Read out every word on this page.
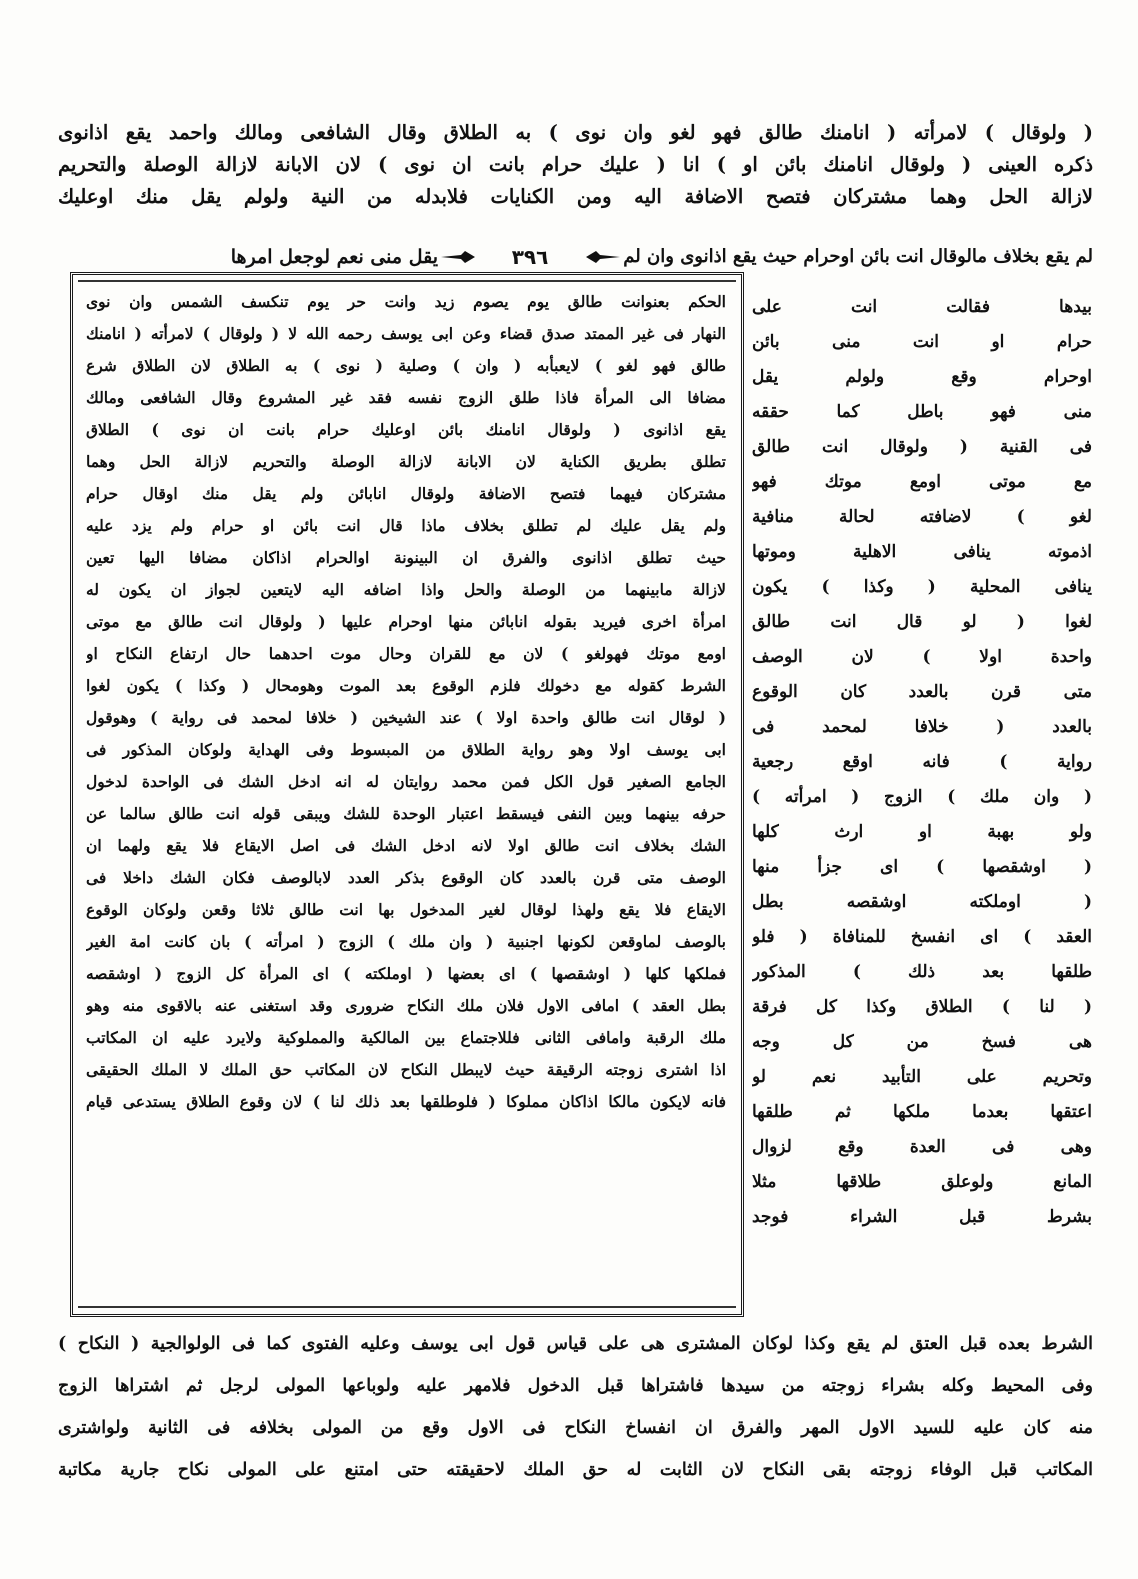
( ولوقال ) لامرأته ( انامنك طالق فهو لغو وان نوى ) به الطلاق وقال الشافعى ومالك واحمد يقع اذانوى
ذكره العينى ( ولوقال انامنك بائن او ) انا ( عليك حرام بانت ان نوى ) لان الابانة لازالة الوصلة والتحريم
لازالة الحل وهما مشتركان فتصح الاضافة اليه ومن الكنايات فلابدله من النية ولولم يقل منك اوعليك
لم يقع بخلاف مالوقال انت بائن اوحرام حيث يقع اذانوى وان لم
٣٩٦
يقل منى نعم لوجعل امرها
بيدها فقالت انت على
حرام او انت منى بائن
اوحرام وقع ولولم يقل
منى فهو باطل كما حققه
فى القنية ( ولوقال انت طالق
مع موتى اومع موتك فهو
لغو ) لاضافته لحالة منافية
اذموته ينافى الاهلية وموتها
ينافى المحلية ( وكذا ) يكون
لغوا ( لو قال انت طالق
واحدة اولا ) لان الوصف
متى قرن بالعدد كان الوقوع
بالعدد ( خلافا لمحمد فى
رواية ) فانه اوقع رجعية
( وان ملك ) الزوج ( امرأته )
ولو بهبة او ارث كلها
( اوشقصها ) اى جزأ منها
( اوملكته اوشقصه بطل
العقد ) اى انفسخ للمنافاة ( فلو
طلقها بعد ذلك ) المذكور
( لنا ) الطلاق وكذا كل فرقة
هى فسخ من كل وجه
وتحريم على التأبيد نعم لو
اعتقها بعدما ملكها ثم طلقها
وهى فى العدة وقع لزوال
المانع ولوعلق طلاقها مثلا
بشرط قبل الشراء فوجد
الحكم بعنوانت طالق يوم يصوم زيد وانت حر يوم تنكسف الشمس وان نوى
النهار فى غير الممتد صدق قضاء وعن ابى يوسف رحمه الله لا ( ولوقال ) لامرأته ( انامنك
طالق فهو لغو ) لايعبأبه ( وان ) وصلية ( نوى ) به الطلاق لان الطلاق شرع
مضافا الى المرأة فاذا طلق الزوج نفسه فقد غير المشروع وقال الشافعى ومالك
يقع اذانوى ( ولوقال انامنك بائن اوعليك حرام بانت ان نوى ) الطلاق
تطلق بطريق الكناية لان الابانة لازالة الوصلة والتحريم لازالة الحل وهما
مشتركان فيهما فتصح الاضافة ولوقال انابائن ولم يقل منك اوقال حرام
ولم يقل عليك لم تطلق بخلاف ماذا قال انت بائن او حرام ولم يزد عليه
حيث تطلق اذانوى والفرق ان البينونة اوالحرام اذاكان مضافا اليها تعين
لازالة مابينهما من الوصلة والحل واذا اضافه اليه لايتعين لجواز ان يكون له
امرأة اخرى فيريد بقوله انابائن منها اوحرام عليها ( ولوقال انت طالق مع موتى
اومع موتك فهولغو ) لان مع للقران وحال موت احدهما حال ارتفاع النكاح او
الشرط كقوله مع دخولك فلزم الوقوع بعد الموت وهومحال ( وكذا ) يكون لغوا
( لوقال انت طالق واحدة اولا ) عند الشيخين ( خلافا لمحمد فى رواية ) وهوقول
ابى يوسف اولا وهو رواية الطلاق من المبسوط وفى الهداية ولوكان المذكور فى
الجامع الصغير قول الكل فمن محمد روايتان له انه ادخل الشك فى الواحدة لدخول
حرفه بينهما وبين النفى فيسقط اعتبار الوحدة للشك ويبقى قوله انت طالق سالما عن
الشك بخلاف انت طالق اولا لانه ادخل الشك فى اصل الايقاع فلا يقع ولهما ان
الوصف متى قرن بالعدد كان الوقوع بذكر العدد لابالوصف فكان الشك داخلا فى
الايقاع فلا يقع ولهذا لوقال لغير المدخول بها انت طالق ثلاثا وقعن ولوكان الوقوع
بالوصف لماوقعن لكونها اجنبية ( وان ملك ) الزوج ( امرأته ) بان كانت امة الغير
فملكها كلها ( اوشقصها ) اى بعضها ( اوملكته ) اى المرأة كل الزوج ( اوشقصه
بطل العقد ) امافى الاول فلان ملك النكاح ضرورى وقد استغنى عنه بالاقوى منه وهو
ملك الرقبة وامافى الثانى فللاجتماع بين المالكية والمملوكية ولايرد عليه ان المكاتب
اذا اشترى زوجته الرقيقة حيث لايبطل النكاح لان المكاتب حق الملك لا الملك الحقيقى
فانه لايكون مالكا اذاكان مملوكا ( فلوطلقها بعد ذلك لنا ) لان وقوع الطلاق يستدعى قيام
الشرط بعده قبل العتق لم يقع وكذا لوكان المشترى هى على قياس قول ابى يوسف وعليه الفتوى كما فى الولوالجية ( النكاح )
وفى المحيط وكله بشراء زوجته من سيدها فاشتراها قبل الدخول فلامهر عليه ولوباعها المولى لرجل ثم اشتراها الزوج
منه كان عليه للسيد الاول المهر والفرق ان انفساخ النكاح فى الاول وقع من المولى بخلافه فى الثانية ولواشترى
المكاتب قبل الوفاء زوجته بقى النكاح لان الثابت له حق الملك لاحقيقته حتى امتنع على المولى نكاح جارية مكاتبة
